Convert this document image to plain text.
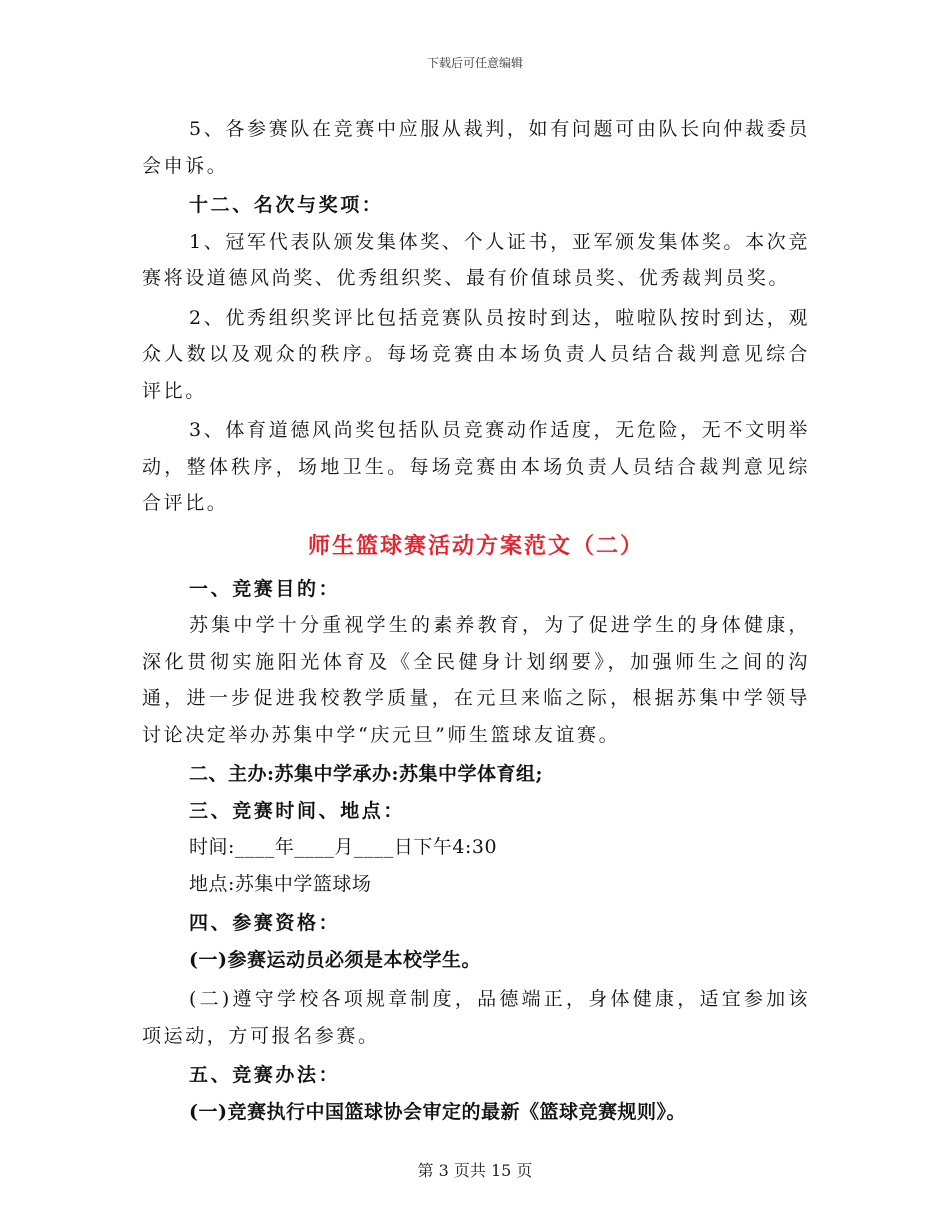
下载后可任意编辑

5、各参赛队在竞赛中应服从裁判，如有问题可由队长向仲裁委员会申诉。

十二、名次与奖项：

1、冠军代表队颁发集体奖、个人证书，亚军颁发集体奖。本次竞赛将设道德风尚奖、优秀组织奖、最有价值球员奖、优秀裁判员奖。

2、优秀组织奖评比包括竞赛队员按时到达，啦啦队按时到达，观众人数以及观众的秩序。每场竞赛由本场负责人员结合裁判意见综合评比。

3、体育道德风尚奖包括队员竞赛动作适度，无危险，无不文明举动，整体秩序，场地卫生。每场竞赛由本场负责人员结合裁判意见综合评比。

师生篮球赛活动方案范文（二）

一、竞赛目的：

苏集中学十分重视学生的素养教育，为了促进学生的身体健康，深化贯彻实施阳光体育及《全民健身计划纲要》，加强师生之间的沟通，进一步促进我校教学质量，在元旦来临之际，根据苏集中学领导讨论决定举办苏集中学“庆元旦”师生篮球友谊赛。

二、主办:苏集中学承办:苏集中学体育组;

三、竞赛时间、地点：

时间:____年____月____日下午4:30

地点:苏集中学篮球场

四、参赛资格：

(一)参赛运动员必须是本校学生。

(二)遵守学校各项规章制度，品德端正，身体健康，适宜参加该项运动，方可报名参赛。

五、竞赛办法：

(一)竞赛执行中国篮球协会审定的最新《篮球竞赛规则》。

第 3 页共 15 页
